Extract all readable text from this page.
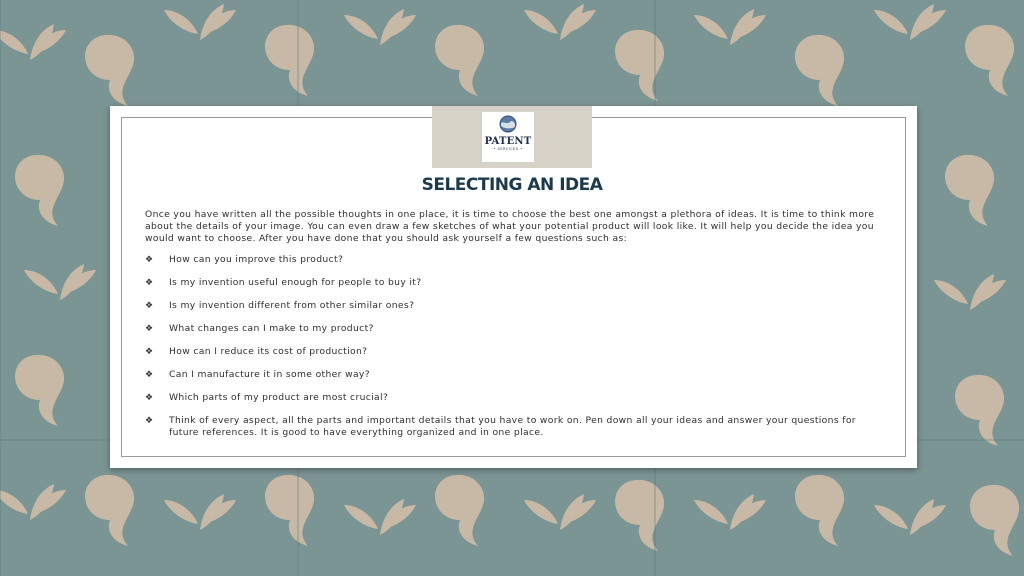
PATENT
• SERVICES •
SELECTING AN IDEA

Once you have written all the possible thoughts in one place, it is time to choose the best one amongst a plethora of ideas. It is time to think more about the details of your image. You can even draw a few sketches of what your potential product will look like. It will help you decide the idea you would want to choose. After you have done that you should ask yourself a few questions such as:

❖ How can you improve this product?
❖ Is my invention useful enough for people to buy it?
❖ Is my invention different from other similar ones?
❖ What changes can I make to my product?
❖ How can I reduce its cost of production?
❖ Can I manufacture it in some other way?
❖ Which parts of my product are most crucial?
❖ Think of every aspect, all the parts and important details that you have to work on. Pen down all your ideas and answer your questions for future references. It is good to have everything organized and in one place.
